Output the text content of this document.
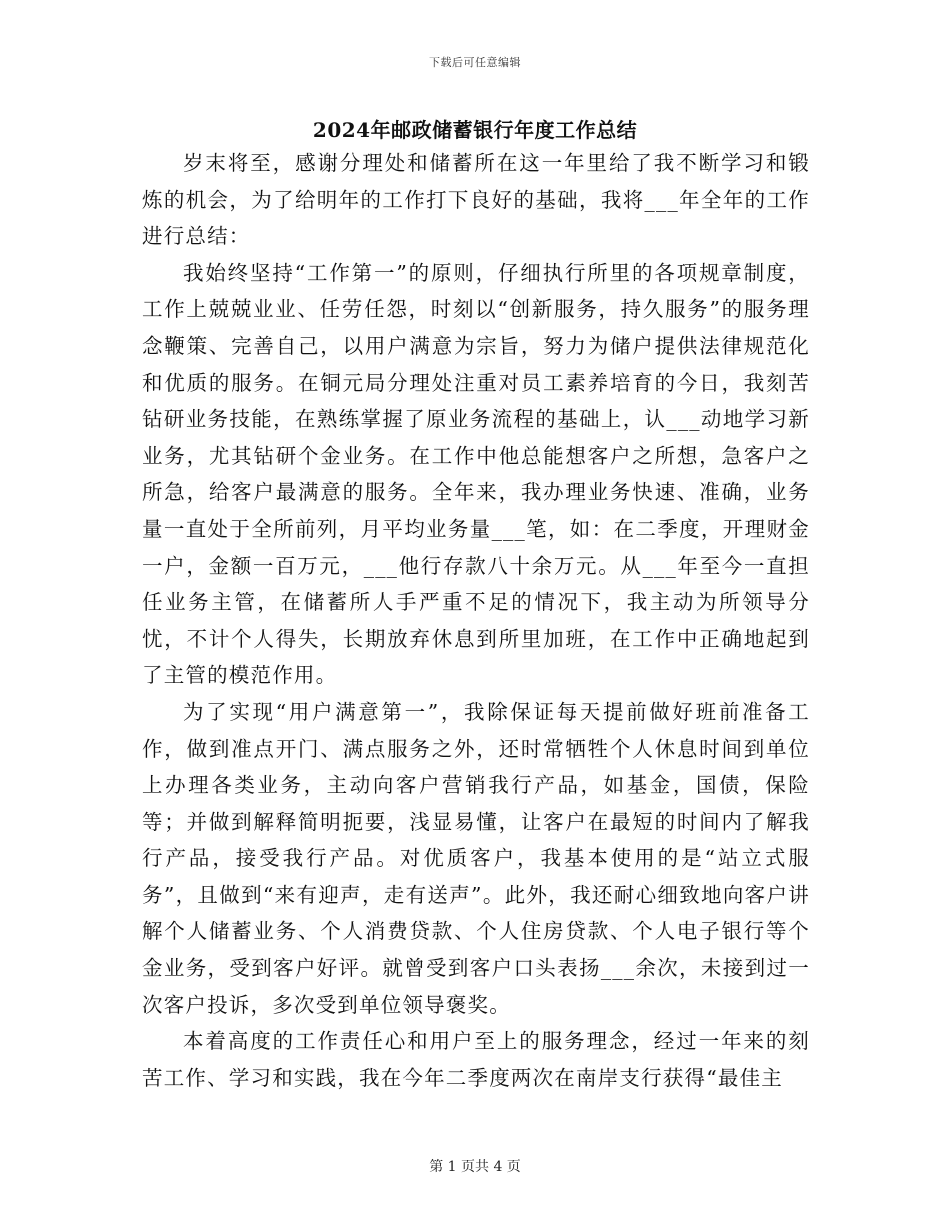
下载后可任意编辑
2024年邮政储蓄银行年度工作总结

岁末将至，感谢分理处和储蓄所在这一年里给了我不断学习和锻炼的机会，为了给明年的工作打下良好的基础，我将___年全年的工作进行总结：

我始终坚持“工作第一”的原则，仔细执行所里的各项规章制度，工作上兢兢业业、任劳任怨，时刻以“创新服务，持久服务”的服务理念鞭策、完善自己，以用户满意为宗旨，努力为储户提供法律规范化和优质的服务。在铜元局分理处注重对员工素养培育的今日，我刻苦钻研业务技能，在熟练掌握了原业务流程的基础上，认___动地学习新业务，尤其钻研个金业务。在工作中他总能想客户之所想，急客户之所急，给客户最满意的服务。全年来，我办理业务快速、准确，业务量一直处于全所前列，月平均业务量___笔，如：在二季度，开理财金一户，金额一百万元，___他行存款八十余万元。从___年至今一直担任业务主管，在储蓄所人手严重不足的情况下，我主动为所领导分忧，不计个人得失，长期放弃休息到所里加班，在工作中正确地起到了主管的模范作用。

为了实现“用户满意第一”，我除保证每天提前做好班前准备工作，做到准点开门、满点服务之外，还时常牺牲个人休息时间到单位上办理各类业务，主动向客户营销我行产品，如基金，国债，保险等；并做到解释简明扼要，浅显易懂，让客户在最短的时间内了解我行产品，接受我行产品。对优质客户，我基本使用的是“站立式服务”，且做到“来有迎声，走有送声”。此外，我还耐心细致地向客户讲解个人储蓄业务、个人消费贷款、个人住房贷款、个人电子银行等个金业务，受到客户好评。就曾受到客户口头表扬___余次，未接到过一次客户投诉，多次受到单位领导褒奖。

本着高度的工作责任心和用户至上的服务理念，经过一年来的刻苦工作、学习和实践，我在今年二季度两次在南岸支行获得“最佳主

第 1 页共 4 页
